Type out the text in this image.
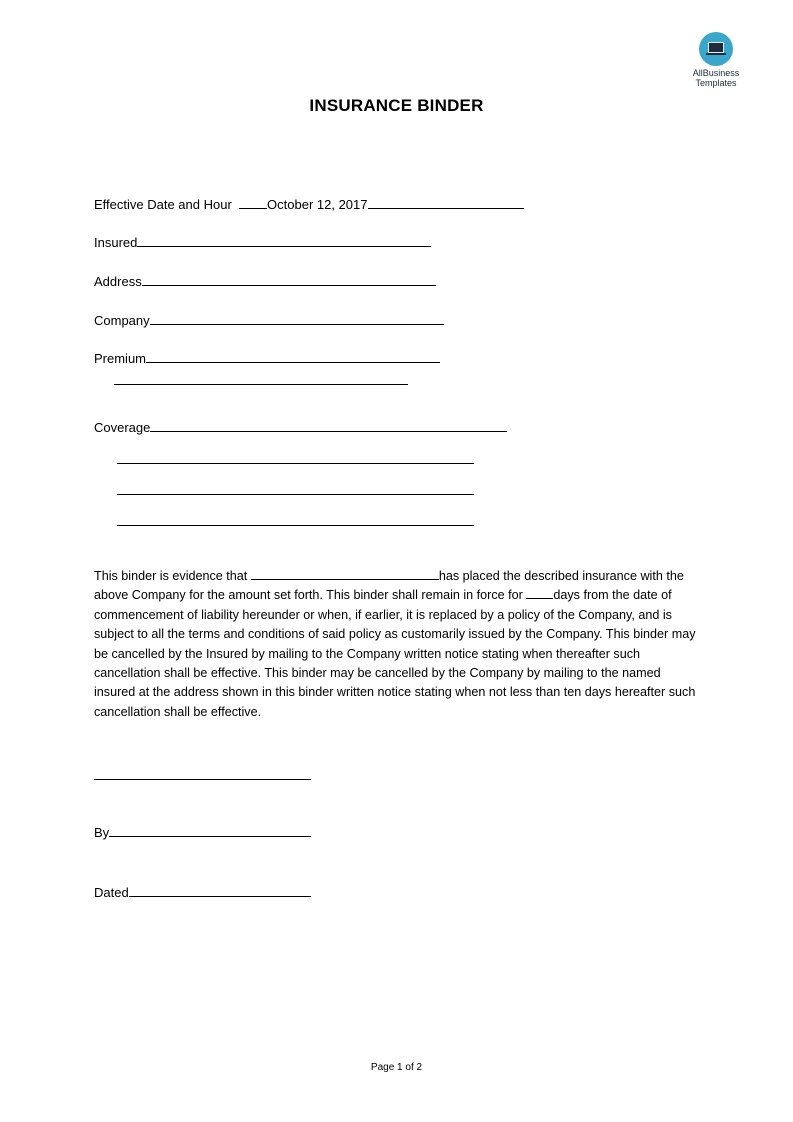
AllBusiness
Templates
INSURANCE BINDER
Effective Date and Hour	October 12, 2017
Insured
Address
Company
Premium
Coverage
This binder is evidence that	has placed the described insurance with the above Company for the amount set forth. This binder shall remain in force for days from the date of commencement of liability hereunder or when, if earlier, it is replaced by a policy of the Company, and is subject to all the terms and conditions of said policy as customarily issued by the Company. This binder may be cancelled by the Insured by mailing to the Company written notice stating when thereafter such cancellation shall be effective. This binder may be cancelled by the Company by mailing to the named insured at the address shown in this binder written notice stating when not less than ten days hereafter such cancellation shall be effective.
By
Dated
Page 1 of 2
